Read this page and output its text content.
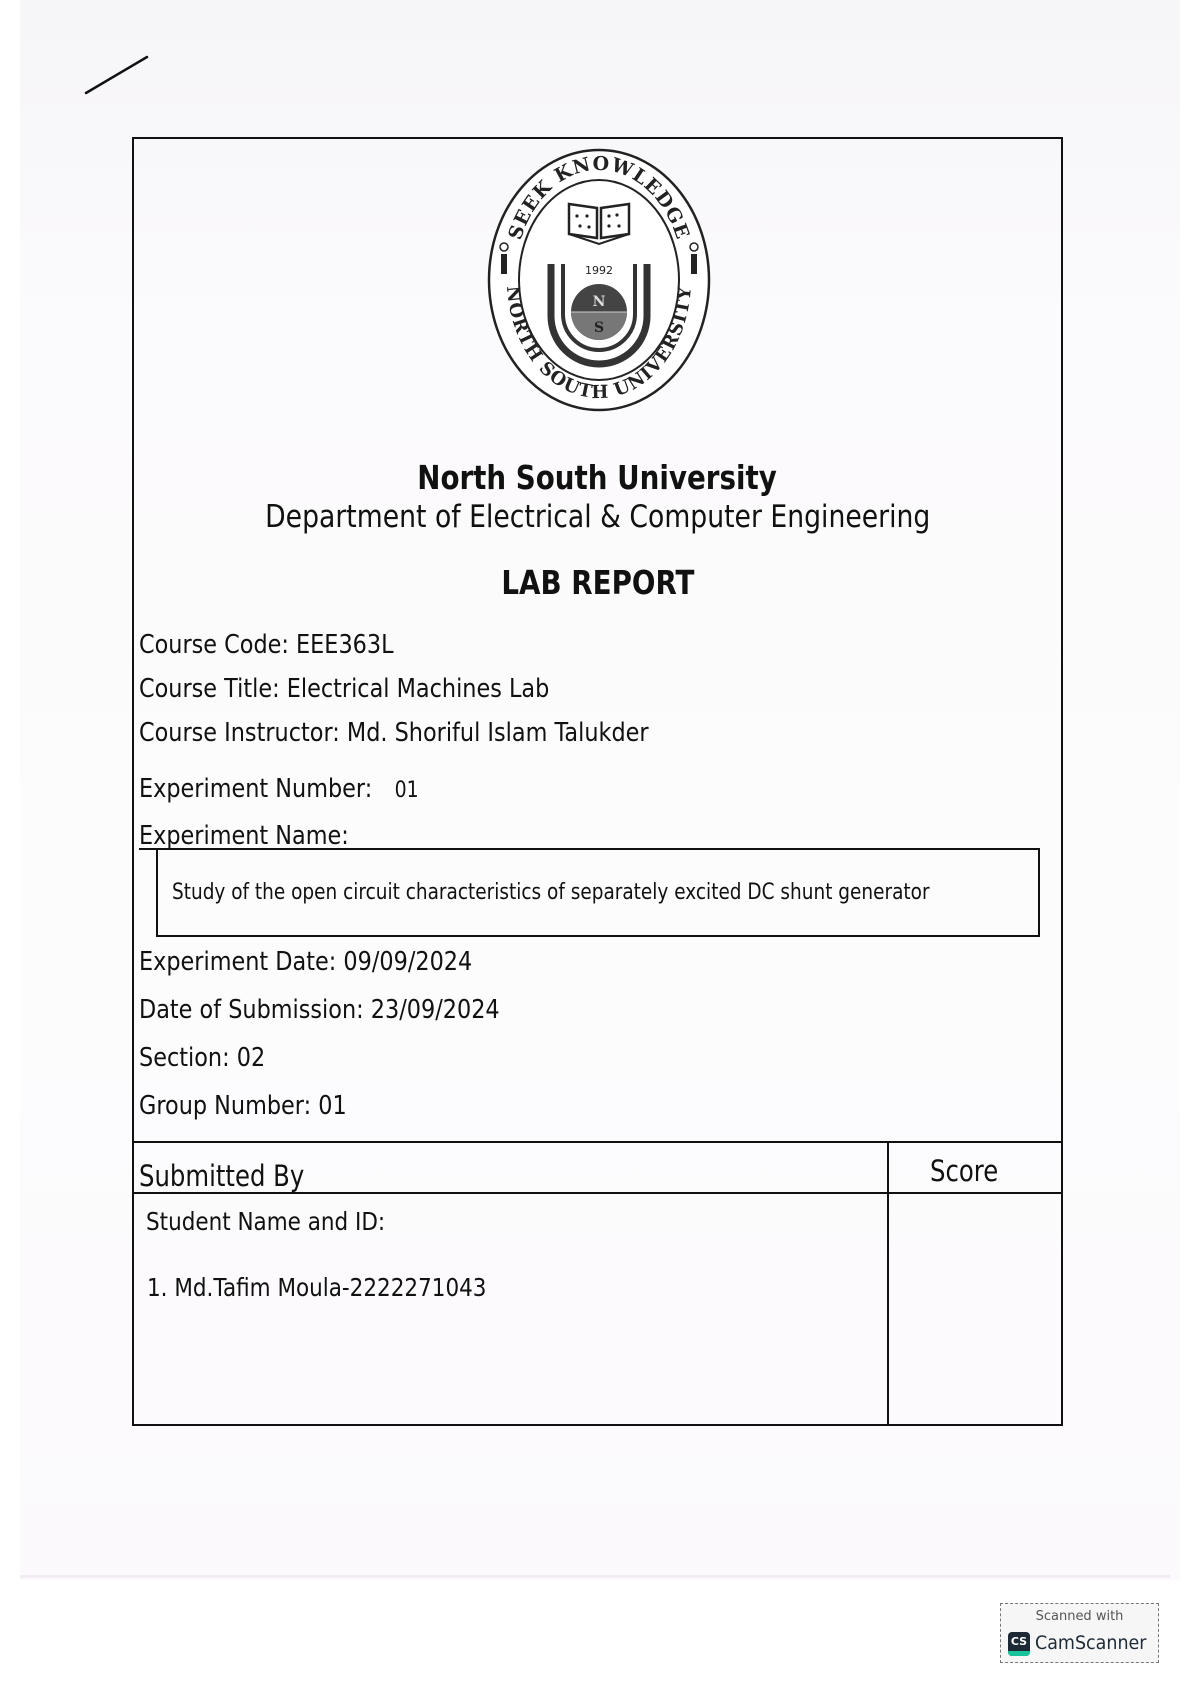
SEEK KNOWLEDGE
NORTH SOUTH UNIVERSITY
1992
N
S
North South University
Department of Electrical & Computer Engineering
LAB REPORT
Course Code: EEE363L
Course Title: Electrical Machines Lab
Course Instructor: Md. Shoriful Islam Talukder
Experiment Number: 01
Experiment Name:
Study of the open circuit characteristics of separately excited DC shunt generator
Experiment Date: 09/09/2024
Date of Submission: 23/09/2024
Section: 02
Group Number: 01
Submitted By	Score
Student Name and ID:
1. Md.Tafim Moula-2222271043
Scanned with
CS CamScanner
